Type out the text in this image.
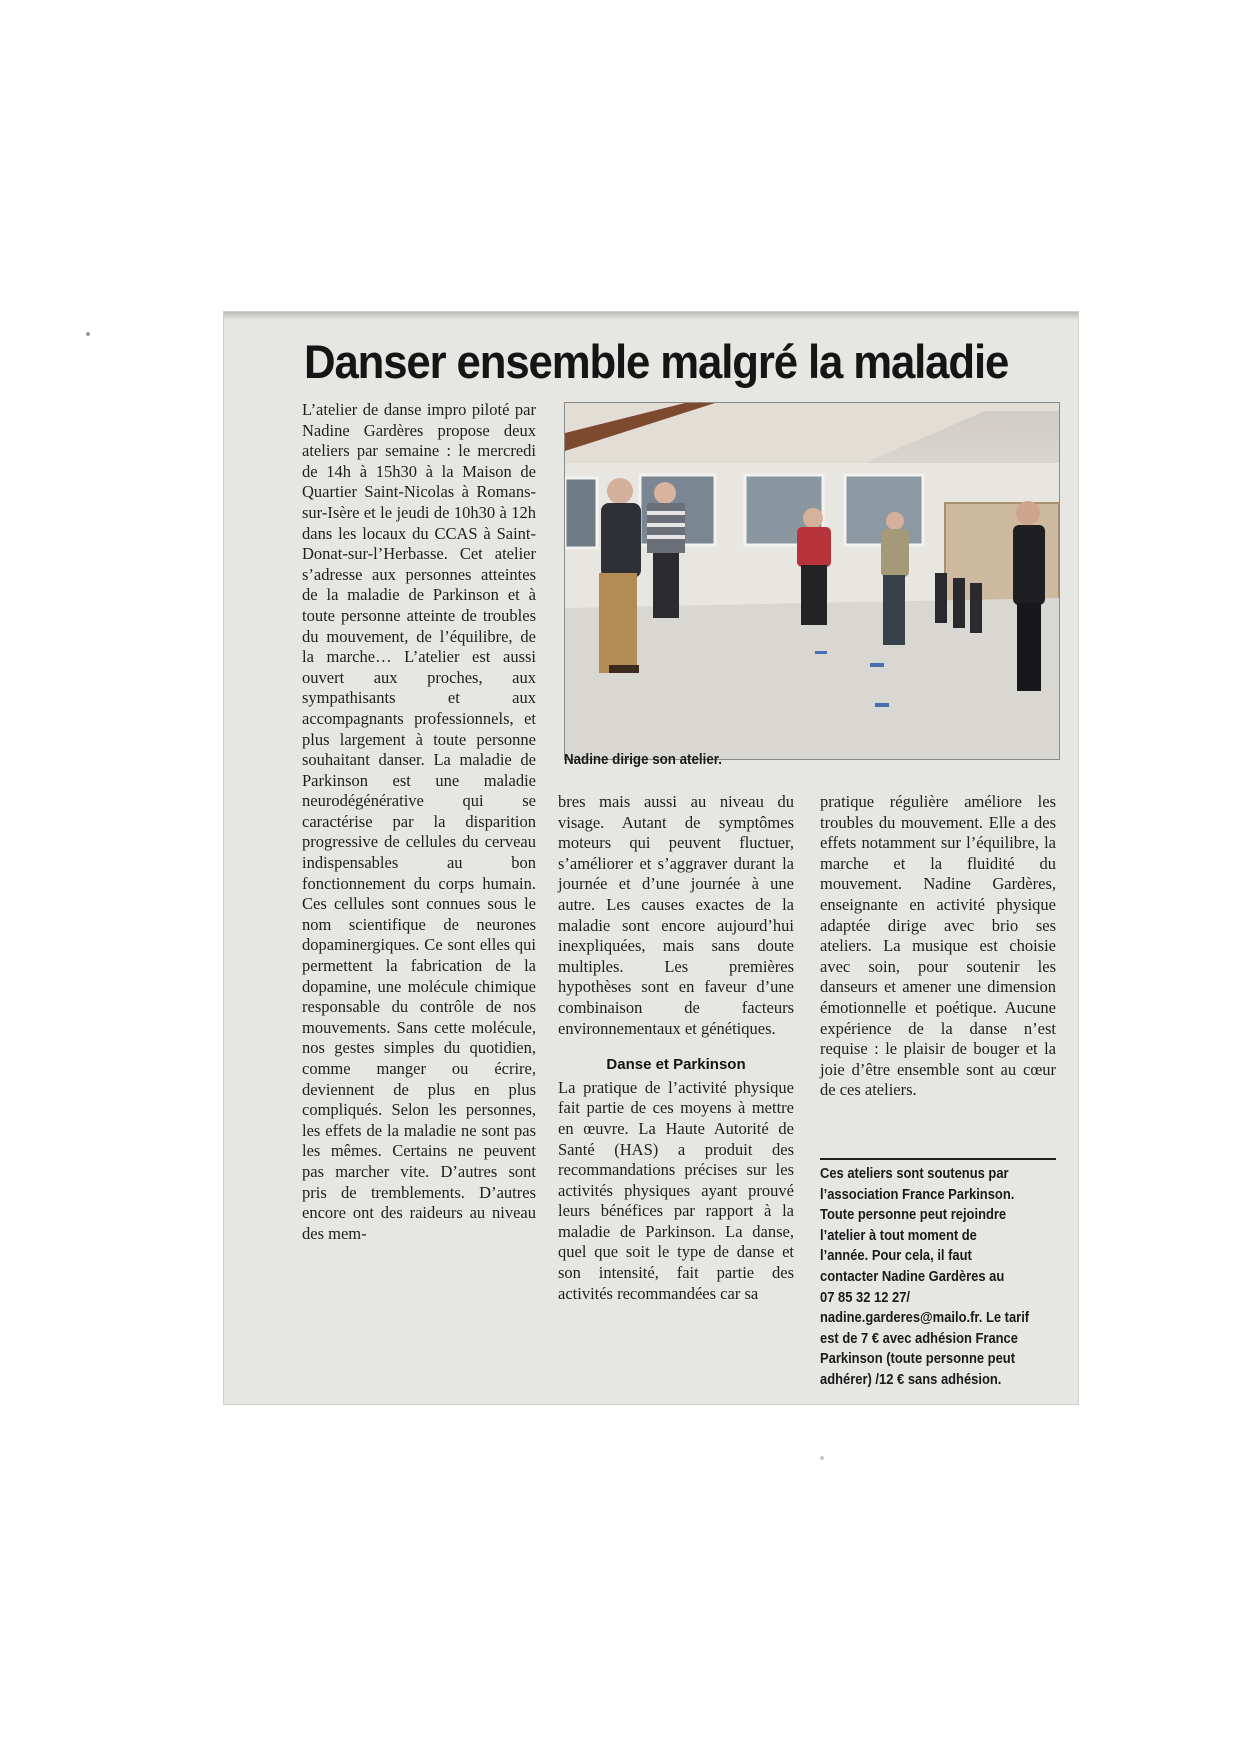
Danser ensemble malgré la maladie

L’atelier de danse impro piloté par Nadine Gardères propose deux ateliers par semaine : le mercredi de 14h à 15h30 à la Maison de Quartier Saint-Nicolas à Romans-sur-Isère et le jeudi de 10h30 à 12h dans les locaux du CCAS à Saint-Donat-sur-l’Herbasse. Cet atelier s’adresse aux personnes atteintes de la maladie de Parkinson et à toute personne atteinte de troubles du mouvement, de l’équilibre, de la marche… L’atelier est aussi ouvert aux proches, aux sympathisants et aux accompagnants professionnels, et plus largement à toute personne souhaitant danser. La maladie de Parkinson est une maladie neurodégénérative qui se caractérise par la disparition progressive de cellules du cerveau indispensables au bon fonctionnement du corps humain. Ces cellules sont connues sous le nom scientifique de neurones dopaminergiques. Ce sont elles qui permettent la fabrication de la dopamine, une molécule chimique responsable du contrôle de nos mouvements. Sans cette molécule, nos gestes simples du quotidien, comme manger ou écrire, deviennent de plus en plus compliqués. Selon les personnes, les effets de la maladie ne sont pas les mêmes. Certains ne peuvent pas marcher vite. D’autres sont pris de tremblements. D’autres encore ont des raideurs au niveau des mem-

Nadine dirige son atelier.

bres mais aussi au niveau du visage. Autant de symptômes moteurs qui peuvent fluctuer, s’améliorer et s’aggraver durant la journée et d’une journée à une autre. Les causes exactes de la maladie sont encore aujourd’hui inexpliquées, mais sans doute multiples. Les premières hypothèses sont en faveur d’une combinaison de facteurs environnementaux et génétiques.

Danse et Parkinson

La pratique de l’activité physique fait partie de ces moyens à mettre en œuvre. La Haute Autorité de Santé (HAS) a produit des recommandations précises sur les activités physiques ayant prouvé leurs bénéfices par rapport à la maladie de Parkinson. La danse, quel que soit le type de danse et son intensité, fait partie des activités recommandées car sa

pratique régulière améliore les troubles du mouvement. Elle a des effets notamment sur l’équilibre, la marche et la fluidité du mouvement. Nadine Gardères, enseignante en activité physique adaptée dirige avec brio ses ateliers. La musique est choisie avec soin, pour soutenir les danseurs et amener une dimension émotionnelle et poétique. Aucune expérience de la danse n’est requise : le plaisir de bouger et la joie d’être ensemble sont au cœur de ces ateliers.

Ces ateliers sont soutenus par
l’association France Parkinson.
Toute personne peut rejoindre
l’atelier à tout moment de
l’année. Pour cela, il faut
contacter Nadine Gardères au
07 85 32 12 27/
nadine.garderes@mailo.fr. Le tarif
est de 7 € avec adhésion France
Parkinson (toute personne peut
adhérer) /12 € sans adhésion.
